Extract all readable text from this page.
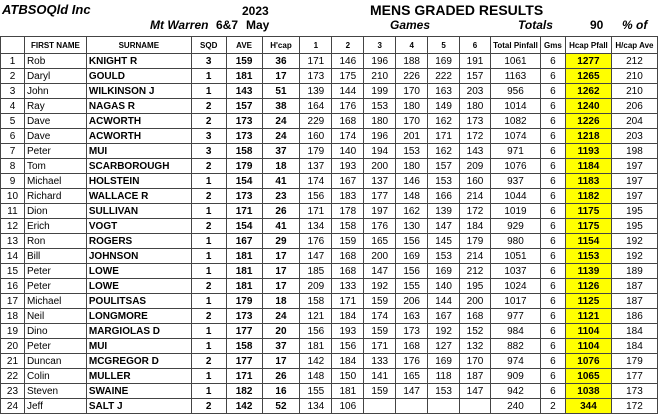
ATBSOQld Inc
Mt Warren 6&7
2023
May
MENS GRADED RESULTS
Games	Totals	90 % of
	FIRST NAME	SURNAME	SQD	AVE	H'cap	1	2	3	4	5	6	Total Pinfall	Gms	Hcap Pfall	H/cap Ave
1	Rob	KNIGHT R	3	159	36	171	146	196	188	169	191	1061	6	1277	212
2	Daryl	GOULD	1	181	17	173	175	210	226	222	157	1163	6	1265	210
3	John	WILKINSON J	1	143	51	139	144	199	170	163	203	956	6	1262	210
4	Ray	NAGAS R	2	157	38	164	176	153	180	149	180	1014	6	1240	206
5	Dave	ACWORTH	2	173	24	229	168	180	170	162	173	1082	6	1226	204
6	Dave	ACWORTH	3	173	24	160	174	196	201	171	172	1074	6	1218	203
7	Peter	MUI	3	158	37	179	140	194	153	162	143	971	6	1193	198
8	Tom	SCARBOROUGH	2	179	18	137	193	200	180	157	209	1076	6	1184	197
9	Michael	HOLSTEIN	1	154	41	174	167	137	146	153	160	937	6	1183	197
10	Richard	WALLACE R	2	173	23	156	183	177	148	166	214	1044	6	1182	197
11	Dion	SULLIVAN	1	171	26	171	178	197	162	139	172	1019	6	1175	195
12	Erich	VOGT	2	154	41	134	158	176	130	147	184	929	6	1175	195
13	Ron	ROGERS	1	167	29	176	159	165	156	145	179	980	6	1154	192
14	Bill	JOHNSON	1	181	17	147	168	200	169	153	214	1051	6	1153	192
15	Peter	LOWE	1	181	17	185	168	147	156	169	212	1037	6	1139	189
16	Peter	LOWE	2	181	17	209	133	192	155	140	195	1024	6	1126	187
17	Michael	POULITSAS	1	179	18	158	171	159	206	144	200	1017	6	1125	187
18	Neil	LONGMORE	2	173	24	121	184	174	163	167	168	977	6	1121	186
19	Dino	MARGIOLAS D	1	177	20	156	193	159	173	192	152	984	6	1104	184
20	Peter	MUI	1	158	37	181	156	171	168	127	132	882	6	1104	184
21	Duncan	MCGREGOR D	2	177	17	142	184	133	176	169	170	974	6	1076	179
22	Colin	MULLER	1	171	26	148	150	141	165	118	187	909	6	1065	177
23	Steven	SWAINE	1	182	16	155	181	159	147	153	147	942	6	1038	173
24	Jeff	SALT J	2	142	52	134	106					240	2	344	172
